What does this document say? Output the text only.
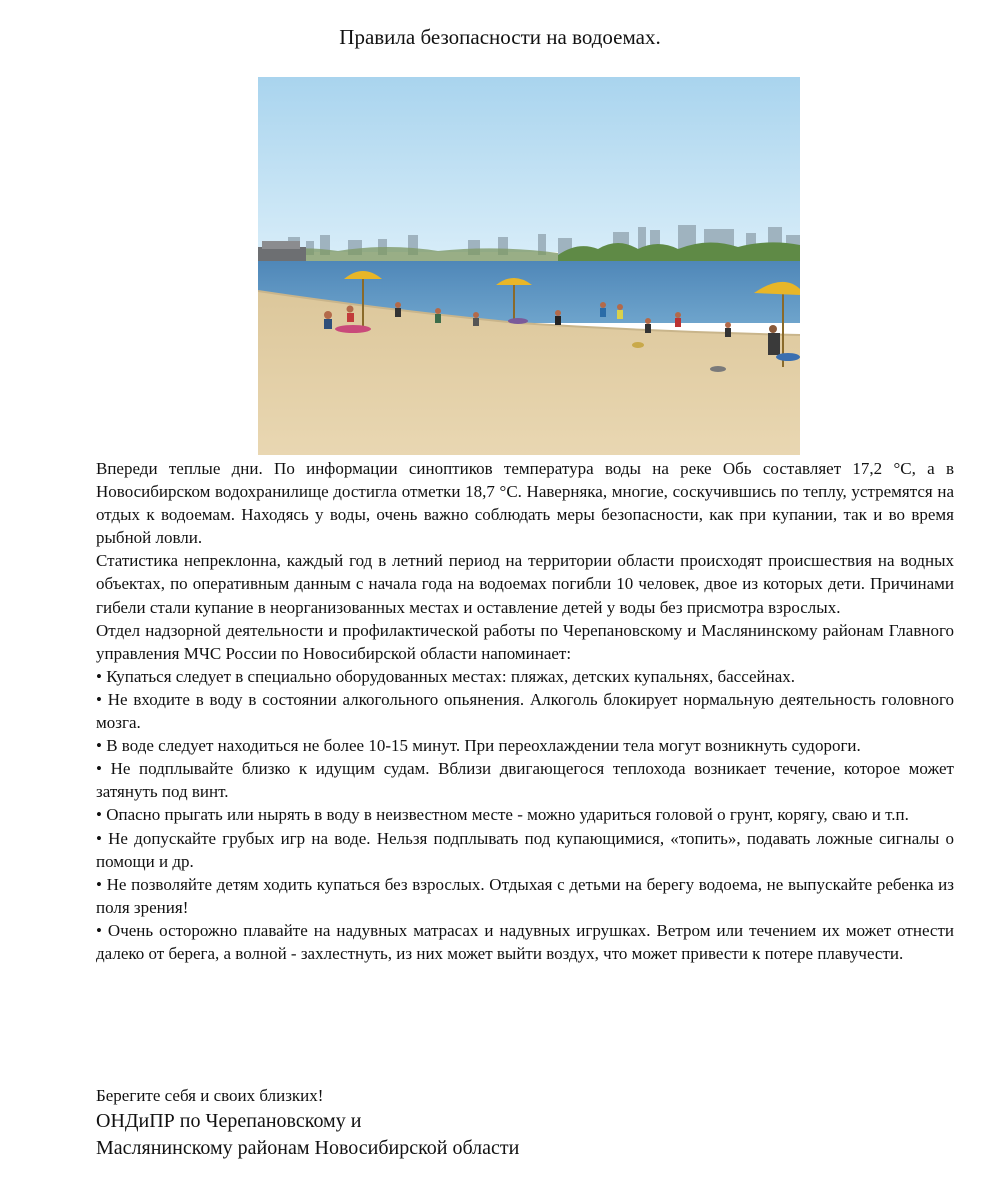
Правила безопасности на водоемах.

Впереди теплые дни. По информации синоптиков температура воды на реке Обь составляет 17,2 °С, а в Новосибирском водохранилище достигла отметки 18,7 °С. Наверняка, многие, соскучившись по теплу, устремятся на отдых к водоемам. Находясь у воды, очень важно соблюдать меры безопасности, как при купании, так и во время рыбной ловли.

Статистика непреклонна, каждый год в летний период на территории области происходят происшествия на водных объектах, по оперативным данным с начала года на водоемах погибли 10 человек, двое из которых дети. Причинами гибели стали купание в неорганизованных местах и оставление детей у воды без присмотра взрослых.

Отдел надзорной деятельности и профилактической работы по Черепановскому и Маслянинскому районам Главного управления МЧС России по Новосибирской области напоминает:

• Купаться следует в специально оборудованных местах: пляжах, детских купальнях, бассейнах.

• Не входите в воду в состоянии алкогольного опьянения. Алкоголь блокирует нормальную деятельность головного мозга.

• В воде следует находиться не более 10-15 минут. При переохлаждении тела могут возникнуть судороги.

• Не подплывайте близко к идущим судам. Вблизи двигающегося теплохода возникает течение, которое может затянуть под винт.

• Опасно прыгать или нырять в воду в неизвестном месте - можно удариться головой о грунт, корягу, сваю и т.п.

• Не допускайте грубых игр на воде. Нельзя подплывать под купающимися, «топить», подавать ложные сигналы о помощи и др.

• Не позволяйте детям ходить купаться без взрослых. Отдыхая с детьми на берегу водоема, не выпускайте ребенка из поля зрения!

• Очень осторожно плавайте на надувных матрасах и надувных игрушках. Ветром или течением их может отнести далеко от берега, а волной - захлестнуть, из них может выйти воздух, что может привести к потере плавучести.

Берегите себя и своих близких!

ОНДиПР по Черепановскому и

Маслянинскому районам Новосибирской области
